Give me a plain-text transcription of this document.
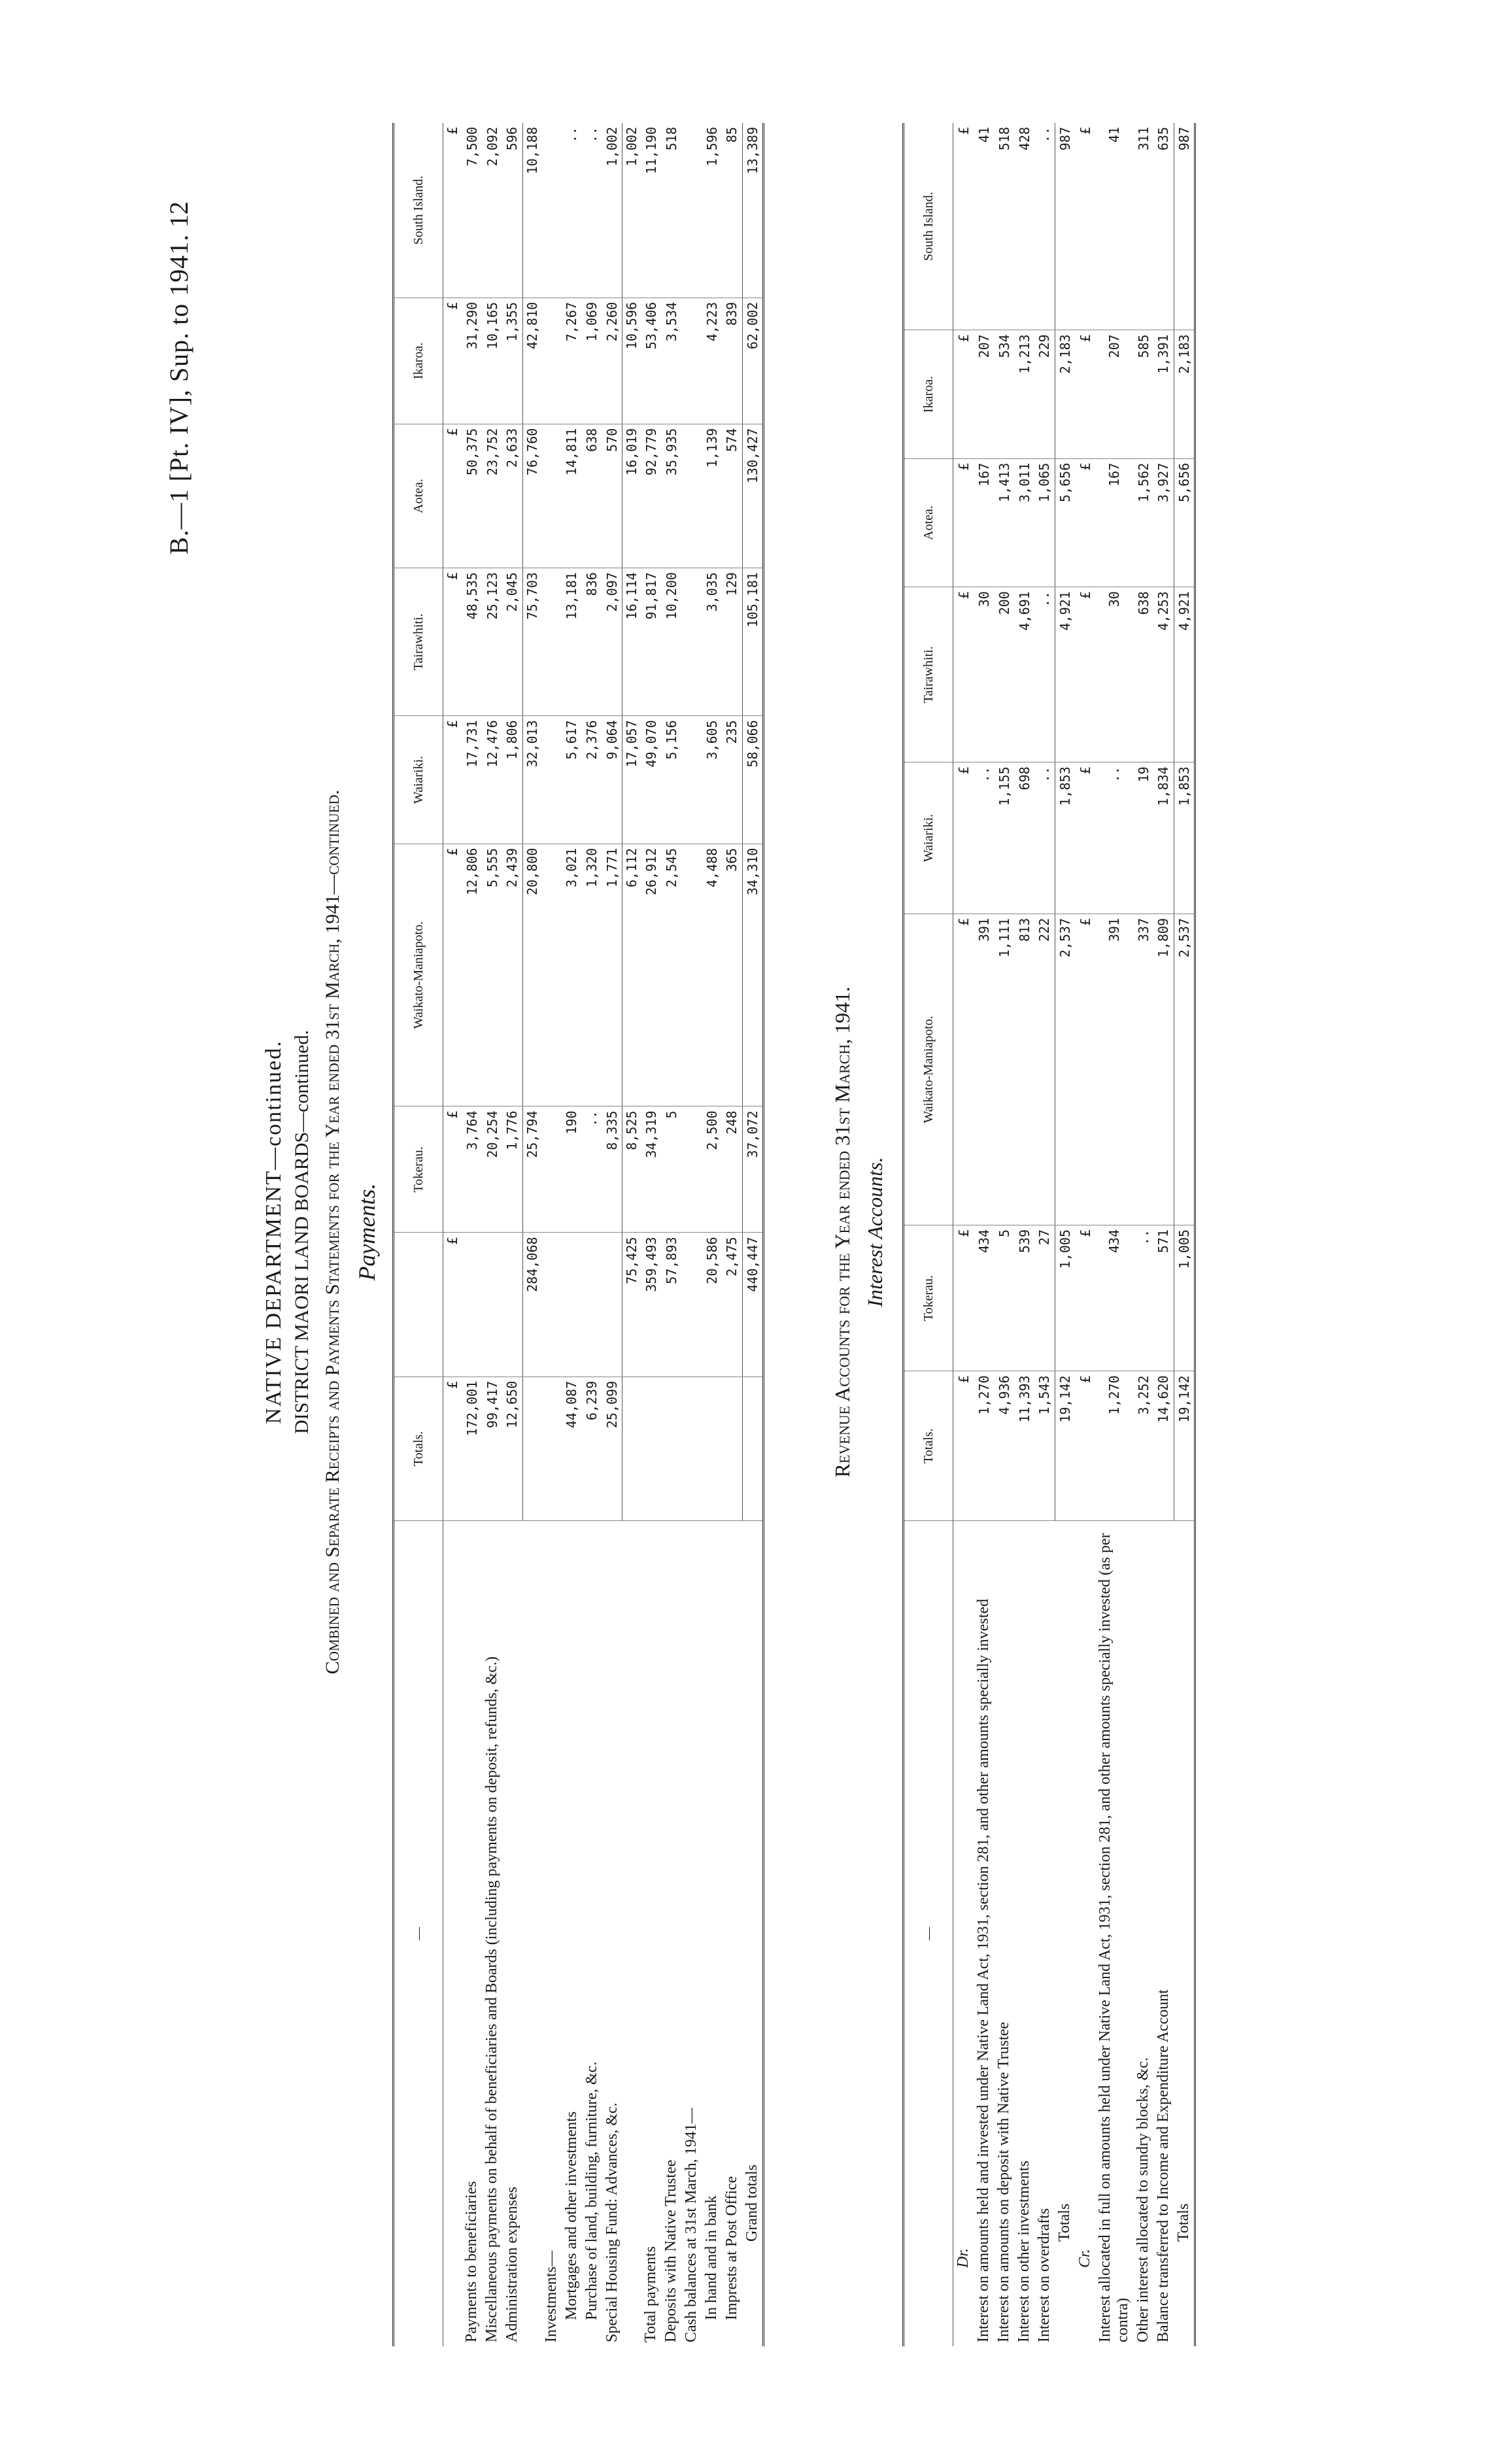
B.—1 [Pt. IV], Sup. to 1941.
12
NATIVE DEPARTMENT—continued. DISTRICT MAORI LAND BOARDS—continued. Combined and Separate Receipts and Payments Statements for the Year ended 31st March, 1941—continued. Payments.
—	Totals.		Tokerau.	Waikato-Maniapoto.	Waiariki.	Tairawhiti.	Aotea.	Ikaroa.	South Island.
	£	£	£	£	£	£	£	£	£
Payments to beneficiaries	172,001		3,764	12,806	17,731	48,535	50,375	31,290	7,500
Miscellaneous payments on behalf of beneficiaries and Boards (including payments on deposit, refunds, &c.)	99,417		20,254	5,555	12,476	25,123	23,752	10,165	2,092
Administration expenses	12,650		1,776	2,439	1,806	2,045	2,633	1,355	596
		284,068	25,794	20,800	32,013	75,703	76,760	42,810	10,188
Investments—									
Mortgages and other investments	44,087		190	3,021	5,617	13,181	14,811	7,267	..
Purchase of land, building, furniture, &c.	6,239		..	1,320	2,376	836	638	1,069	..
Special Housing Fund: Advances, &c.	25,099		8,335	1,771	9,064	2,097	570	2,260	1,002
		75,425	8,525	6,112	17,057	16,114	16,019	10,596	1,002
Total payments		359,493	34,319	26,912	49,070	91,817	92,779	53,406	11,190
Deposits with Native Trustee		57,893	5	2,545	5,156	10,200	35,935	3,534	518
Cash balances at 31st March, 1941—									
In hand and in bank		20,586	2,500	4,488	3,605	3,035	1,139	4,223	1,596
Imprests at Post Office		2,475	248	365	235	129	574	839	85
Grand totals		440,447	37,072	34,310	58,066	105,181	130,427	62,002	13,389
Revenue Accounts for the Year ended 31st March, 1941. Interest Accounts.
—	Totals.	Tokerau.	Waikato-Maniapoto.	Waiariki.	Tairawhiti.	Aotea.	Ikaroa.	South Island.
Dr.	£	£	£	£	£	£	£	£
Interest on amounts held and invested under Native Land Act, 1931, section 281, and other amounts specially invested	1,270	434	391	..	30	167	207	41
Interest on amounts on deposit with Native Trustee	4,936	5	1,111	1,155	200	1,413	534	518
Interest on other investments	11,393	539	813	698	4,691	3,011	1,213	428
Interest on overdrafts	1,543	27	222	..	..	1,065	229	..
Totals	19,142	1,005	2,537	1,853	4,921	5,656	2,183	987
Cr.	£	£	£	£	£	£	£	£
Interest allocated in full on amounts held under Native Land Act, 1931, section 281, and other amounts specially invested (as per contra)	1,270	434	391	..	30	167	207	41
Other interest allocated to sundry blocks, &c.	3,252	..	337	19	638	1,562	585	311
Balance transferred to Income and Expenditure Account	14,620	571	1,809	1,834	4,253	3,927	1,391	635
Totals	19,142	1,005	2,537	1,853	4,921	5,656	2,183	987
